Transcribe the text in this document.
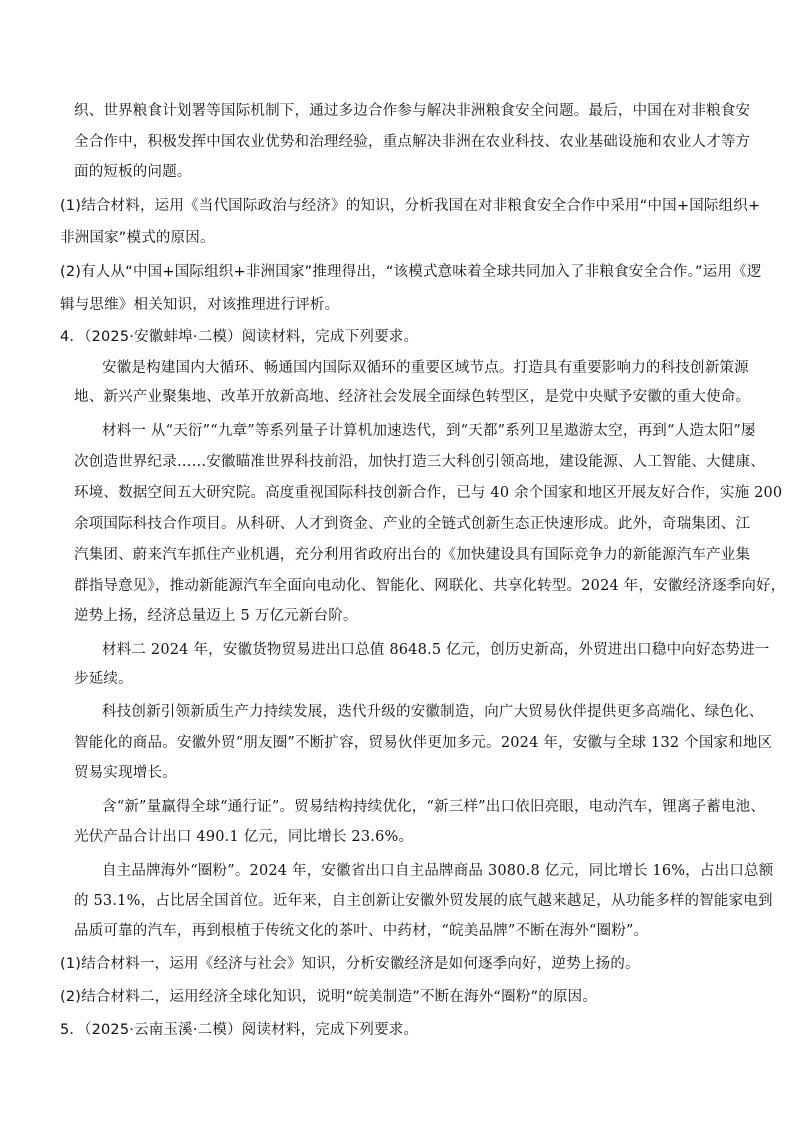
织、世界粮食计划署等国际机制下，通过多边合作参与解决非洲粮食安全问题。最后，中国在对非粮食安
全合作中，积极发挥中国农业优势和治理经验，重点解决非洲在农业科技、农业基础设施和农业人才等方
面的短板的问题。
(1)结合材料，运用《当代国际政治与经济》的知识，分析我国在对非粮食安全合作中采用“中国+国际组织+
非洲国家”模式的原因。
(2)有人从“中国+国际组织+非洲国家”推理得出，“该模式意味着全球共同加入了非粮食安全合作。”运用《逻
辑与思维》相关知识，对该推理进行评析。
4．（2025·安徽蚌埠·二模）阅读材料，完成下列要求。
安徽是构建国内大循环、畅通国内国际双循环的重要区域节点。打造具有重要影响力的科技创新策源
地、新兴产业聚集地、改革开放新高地、经济社会发展全面绿色转型区，是党中央赋予安徽的重大使命。
材料一 从“天衍”“九章”等系列量子计算机加速迭代，到“天都”系列卫星遨游太空，再到“人造太阳”屡
次创造世界纪录……安徽瞄准世界科技前沿，加快打造三大科创引领高地，建设能源、人工智能、大健康、
环境、数据空间五大研究院。高度重视国际科技创新合作，已与 40 余个国家和地区开展友好合作，实施 200
余项国际科技合作项目。从科研、人才到资金、产业的全链式创新生态正快速形成。此外，奇瑞集团、江
汽集团、蔚来汽车抓住产业机遇，充分利用省政府出台的《加快建设具有国际竞争力的新能源汽车产业集
群指导意见》，推动新能源汽车全面向电动化、智能化、网联化、共享化转型。2024 年，安徽经济逐季向好，
逆势上扬，经济总量迈上 5 万亿元新台阶。
材料二 2024 年，安徽货物贸易进出口总值 8648.5 亿元，创历史新高，外贸进出口稳中向好态势进一
步延续。
科技创新引领新质生产力持续发展，迭代升级的安徽制造，向广大贸易伙伴提供更多高端化、绿色化、
智能化的商品。安徽外贸“朋友圈”不断扩容，贸易伙伴更加多元。2024 年，安徽与全球 132 个国家和地区
贸易实现增长。
含“新”量赢得全球“通行证”。贸易结构持续优化，“新三样”出口依旧亮眼，电动汽车，锂离子蓄电池、
光伏产品合计出口 490.1 亿元，同比增长 23.6%。
自主品牌海外“圈粉”。2024 年，安徽省出口自主品牌商品 3080.8 亿元，同比增长 16%，占出口总额
的 53.1%，占比居全国首位。近年来，自主创新让安徽外贸发展的底气越来越足，从功能多样的智能家电到
品质可靠的汽车，再到根植于传统文化的茶叶、中药材，“皖美品牌”不断在海外“圈粉”。
(1)结合材料一，运用《经济与社会》知识，分析安徽经济是如何逐季向好，逆势上扬的。
(2)结合材料二，运用经济全球化知识，说明“皖美制造”不断在海外“圈粉”的原因。
5．（2025·云南玉溪·二模）阅读材料，完成下列要求。
